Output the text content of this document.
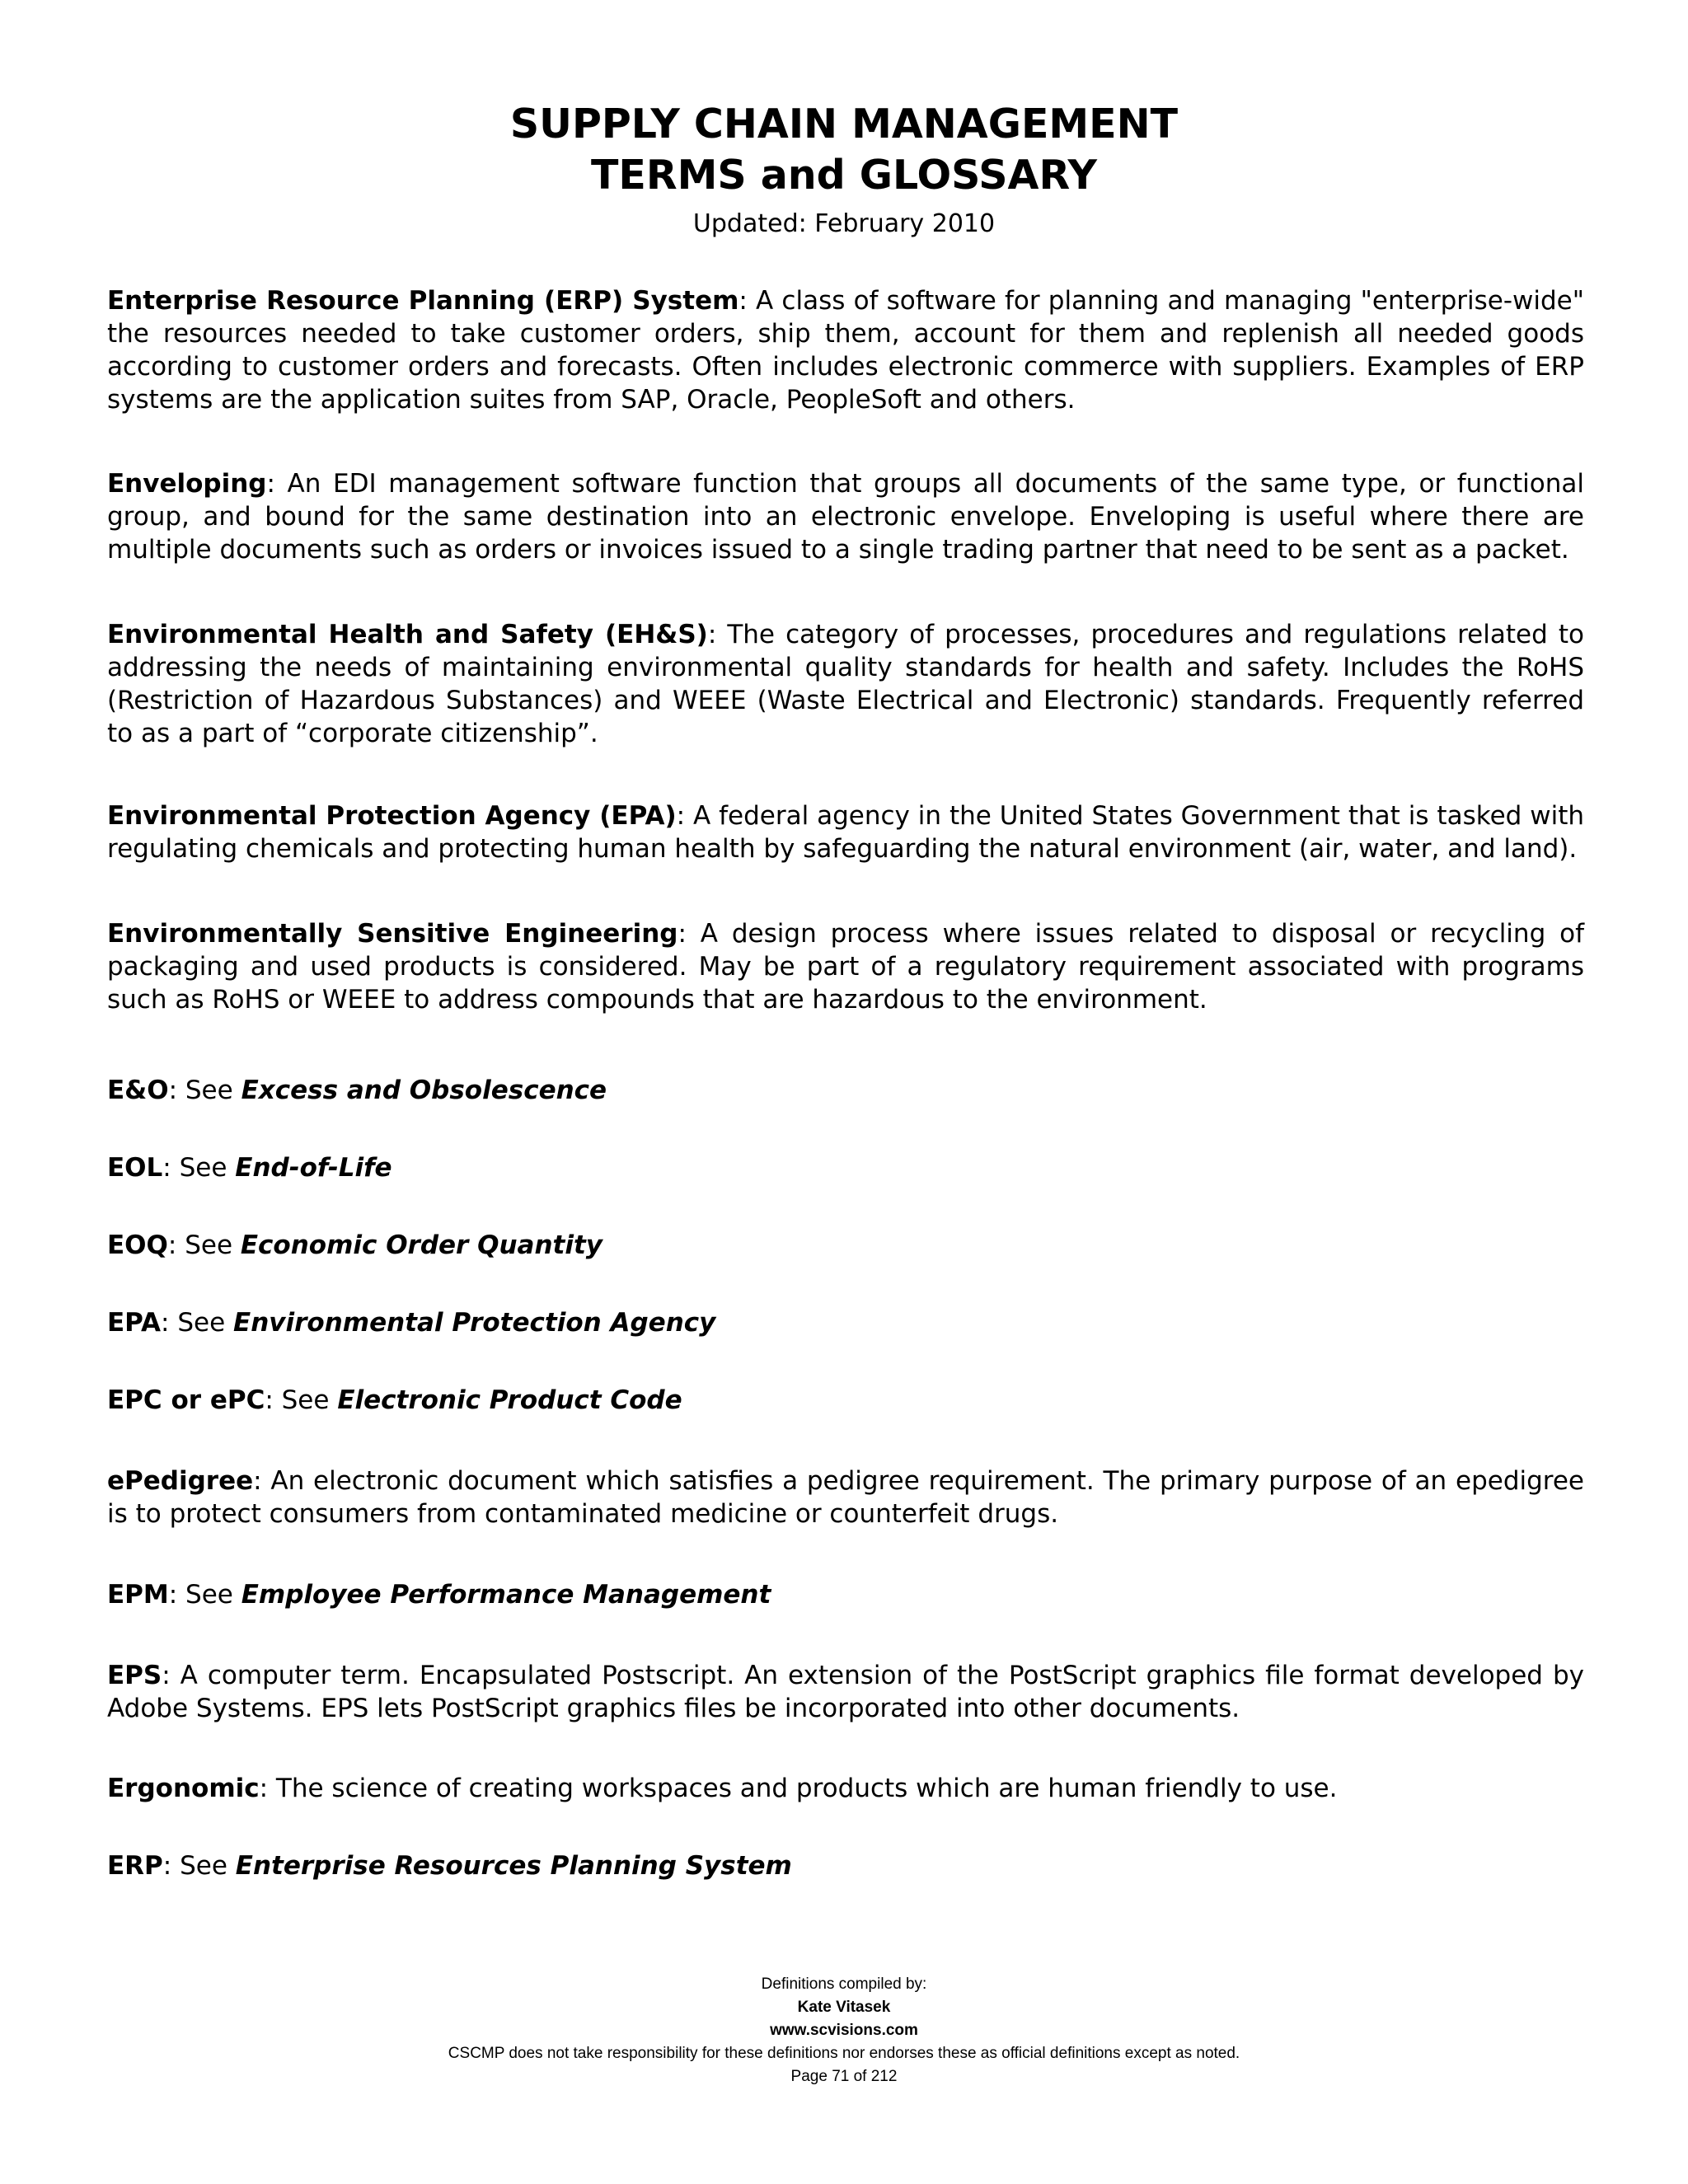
SUPPLY CHAIN MANAGEMENT
TERMS and GLOSSARY
Updated: February 2010

Enterprise Resource Planning (ERP) System: A class of software for planning and managing "enterprise-wide" the resources needed to take customer orders, ship them, account for them and replenish all needed goods according to customer orders and forecasts. Often includes electronic commerce with suppliers. Examples of ERP systems are the application suites from SAP, Oracle, PeopleSoft and others.

Enveloping: An EDI management software function that groups all documents of the same type, or functional group, and bound for the same destination into an electronic envelope. Enveloping is useful where there are multiple documents such as orders or invoices issued to a single trading partner that need to be sent as a packet.

Environmental Health and Safety (EH&S): The category of processes, procedures and regulations related to addressing the needs of maintaining environmental quality standards for health and safety. Includes the RoHS (Restriction of Hazardous Substances) and WEEE (Waste Electrical and Electronic) standards. Frequently referred to as a part of “corporate citizenship”.

Environmental Protection Agency (EPA): A federal agency in the United States Government that is tasked with regulating chemicals and protecting human health by safeguarding the natural environment (air, water, and land).

Environmentally Sensitive Engineering: A design process where issues related to disposal or recycling of packaging and used products is considered. May be part of a regulatory requirement associated with programs such as RoHS or WEEE to address compounds that are hazardous to the environment.

E&O: See Excess and Obsolescence

EOL: See End-of-Life

EOQ: See Economic Order Quantity

EPA: See Environmental Protection Agency

EPC or ePC: See Electronic Product Code

ePedigree: An electronic document which satisfies a pedigree requirement. The primary purpose of an epedigree is to protect consumers from contaminated medicine or counterfeit drugs.

EPM: See Employee Performance Management

EPS: A computer term. Encapsulated Postscript. An extension of the PostScript graphics file format developed by Adobe Systems. EPS lets PostScript graphics files be incorporated into other documents.

Ergonomic: The science of creating workspaces and products which are human friendly to use.

ERP: See Enterprise Resources Planning System

Definitions compiled by:
Kate Vitasek
www.scvisions.com
CSCMP does not take responsibility for these definitions nor endorses these as official definitions except as noted.
Page 71 of 212
